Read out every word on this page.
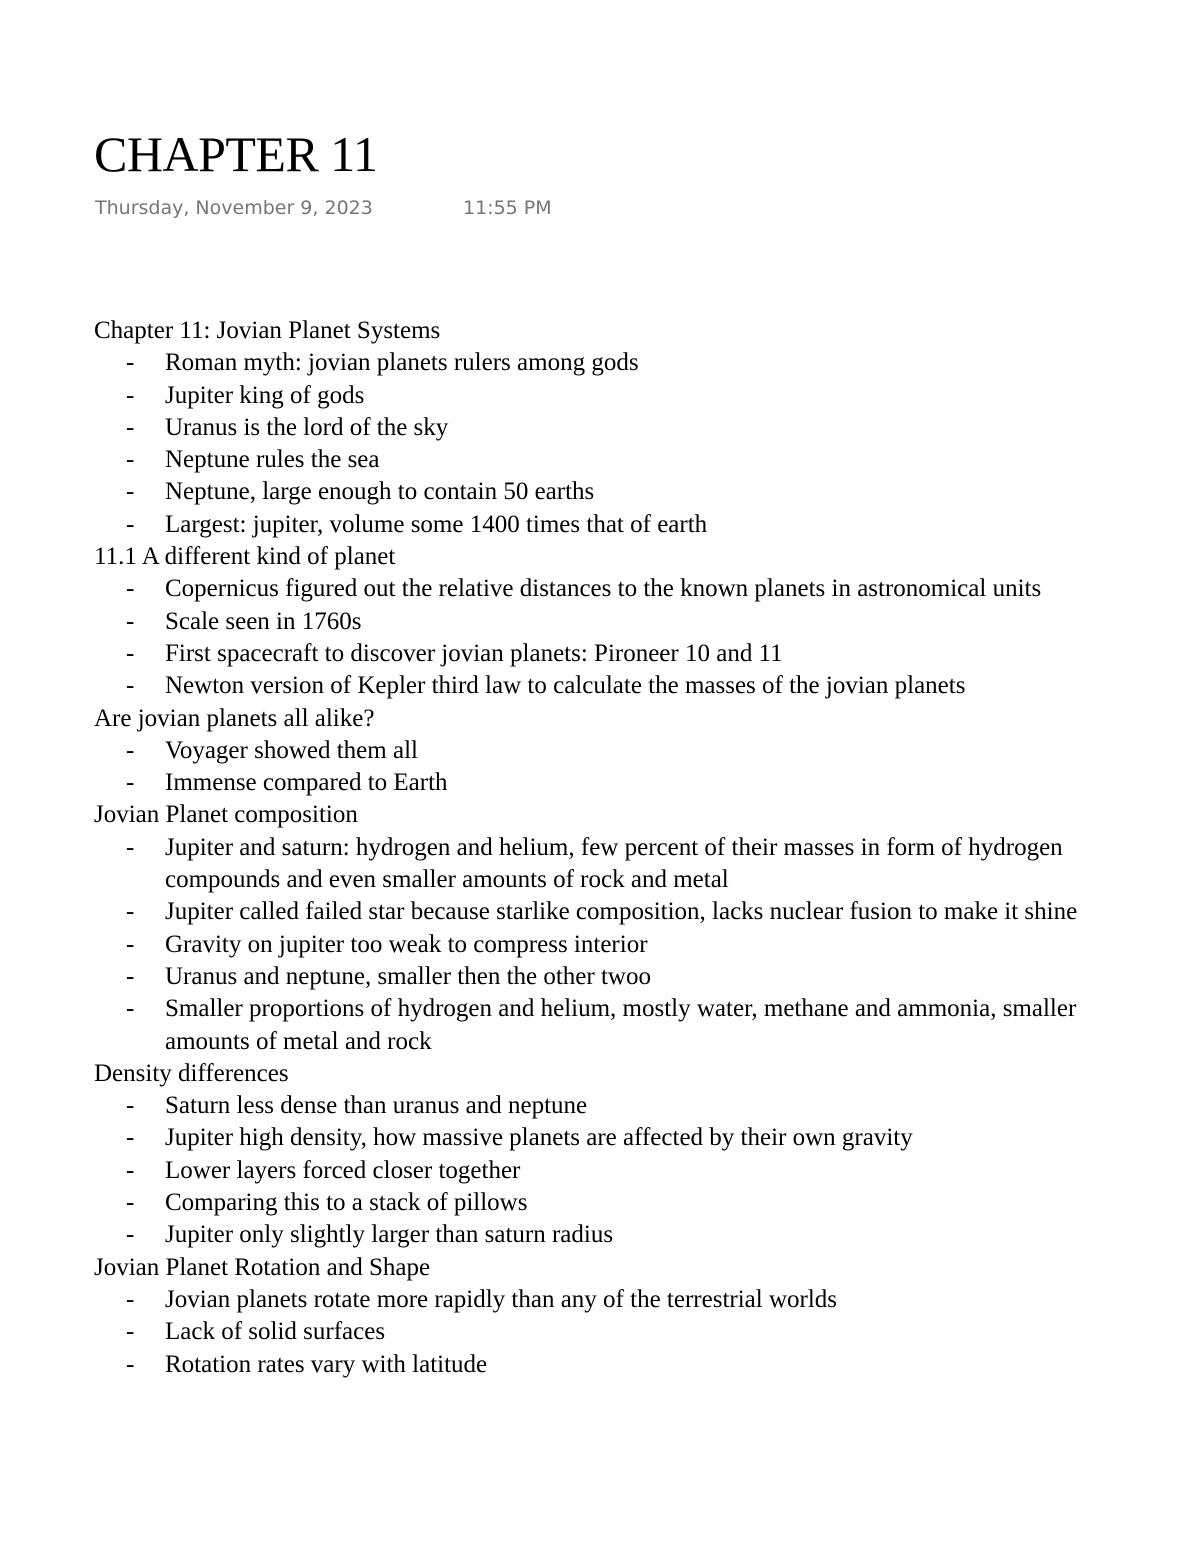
CHAPTER 11
Thursday, November 9, 2023	11:55 PM
Chapter 11: Jovian Planet Systems
- Roman myth: jovian planets rulers among gods
- Jupiter king of gods
- Uranus is the lord of the sky
- Neptune rules the sea
- Neptune, large enough to contain 50 earths
- Largest: jupiter, volume some 1400 times that of earth
11.1 A different kind of planet
- Copernicus figured out the relative distances to the known planets in astronomical units
- Scale seen in 1760s
- First spacecraft to discover jovian planets: Pironeer 10 and 11
- Newton version of Kepler third law to calculate the masses of the jovian planets
Are jovian planets all alike?
- Voyager showed them all
- Immense compared to Earth
Jovian Planet composition
- Jupiter and saturn: hydrogen and helium, few percent of their masses in form of hydrogen compounds and even smaller amounts of rock and metal
- Jupiter called failed star because starlike composition, lacks nuclear fusion to make it shine
- Gravity on jupiter too weak to compress interior
- Uranus and neptune, smaller then the other twoo
- Smaller proportions of hydrogen and helium, mostly water, methane and ammonia, smaller amounts of metal and rock
Density differences
- Saturn less dense than uranus and neptune
- Jupiter high density, how massive planets are affected by their own gravity
- Lower layers forced closer together
- Comparing this to a stack of pillows
- Jupiter only slightly larger than saturn radius
Jovian Planet Rotation and Shape
- Jovian planets rotate more rapidly than any of the terrestrial worlds
- Lack of solid surfaces
- Rotation rates vary with latitude
